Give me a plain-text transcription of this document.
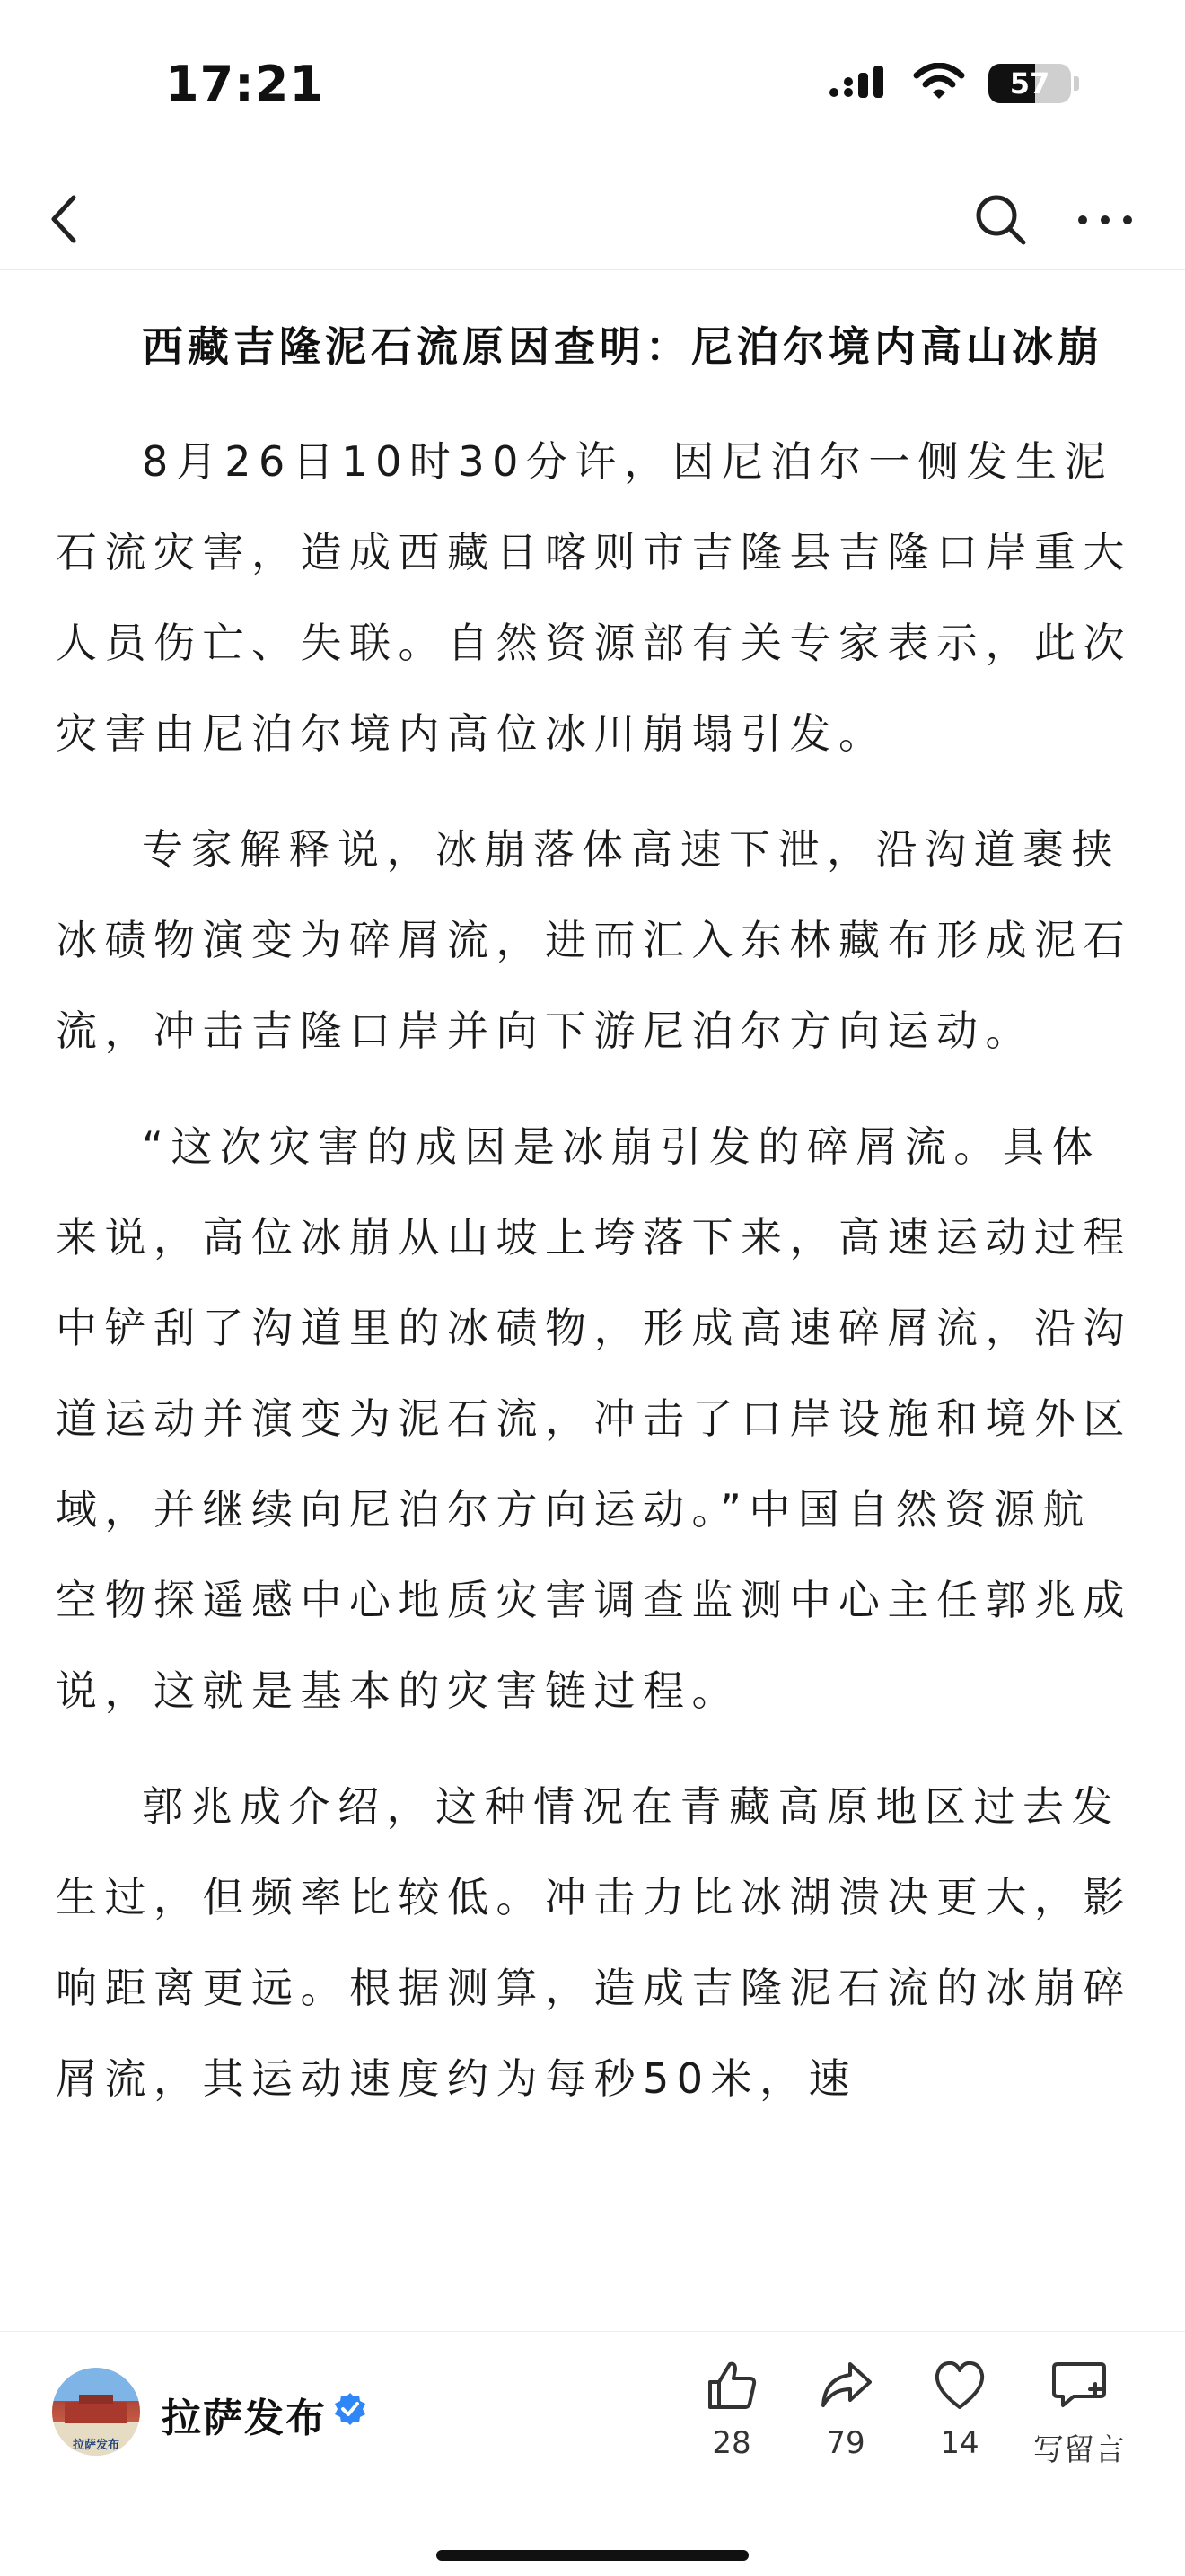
17:21	57
西藏吉隆泥石流原因查明：尼泊尔境内高山冰崩

8月26日10时30分许，因尼泊尔一侧发生泥石流灾害，造成西藏日喀则市吉隆县吉隆口岸重大人员伤亡、失联。自然资源部有关专家表示，此次灾害由尼泊尔境内高位冰川崩塌引发。

专家解释说，冰崩落体高速下泄，沿沟道裹挟冰碛物演变为碎屑流，进而汇入东林藏布形成泥石流，冲击吉隆口岸并向下游尼泊尔方向运动。

“这次灾害的成因是冰崩引发的碎屑流。具体来说，高位冰崩从山坡上垮落下来，高速运动过程中铲刮了沟道里的冰碛物，形成高速碎屑流，沿沟道运动并演变为泥石流，冲击了口岸设施和境外区域，并继续向尼泊尔方向运动。”中国自然资源航空物探遥感中心地质灾害调查监测中心主任郭兆成说，这就是基本的灾害链过程。

郭兆成介绍，这种情况在青藏高原地区过去发生过，但频率比较低。冲击力比冰湖溃决更大，影响距离更远。根据测算，造成吉隆泥石流的冰崩碎屑流，其运动速度约为每秒50米，速

拉萨发布
拉萨发布
28	79	14	写留言
